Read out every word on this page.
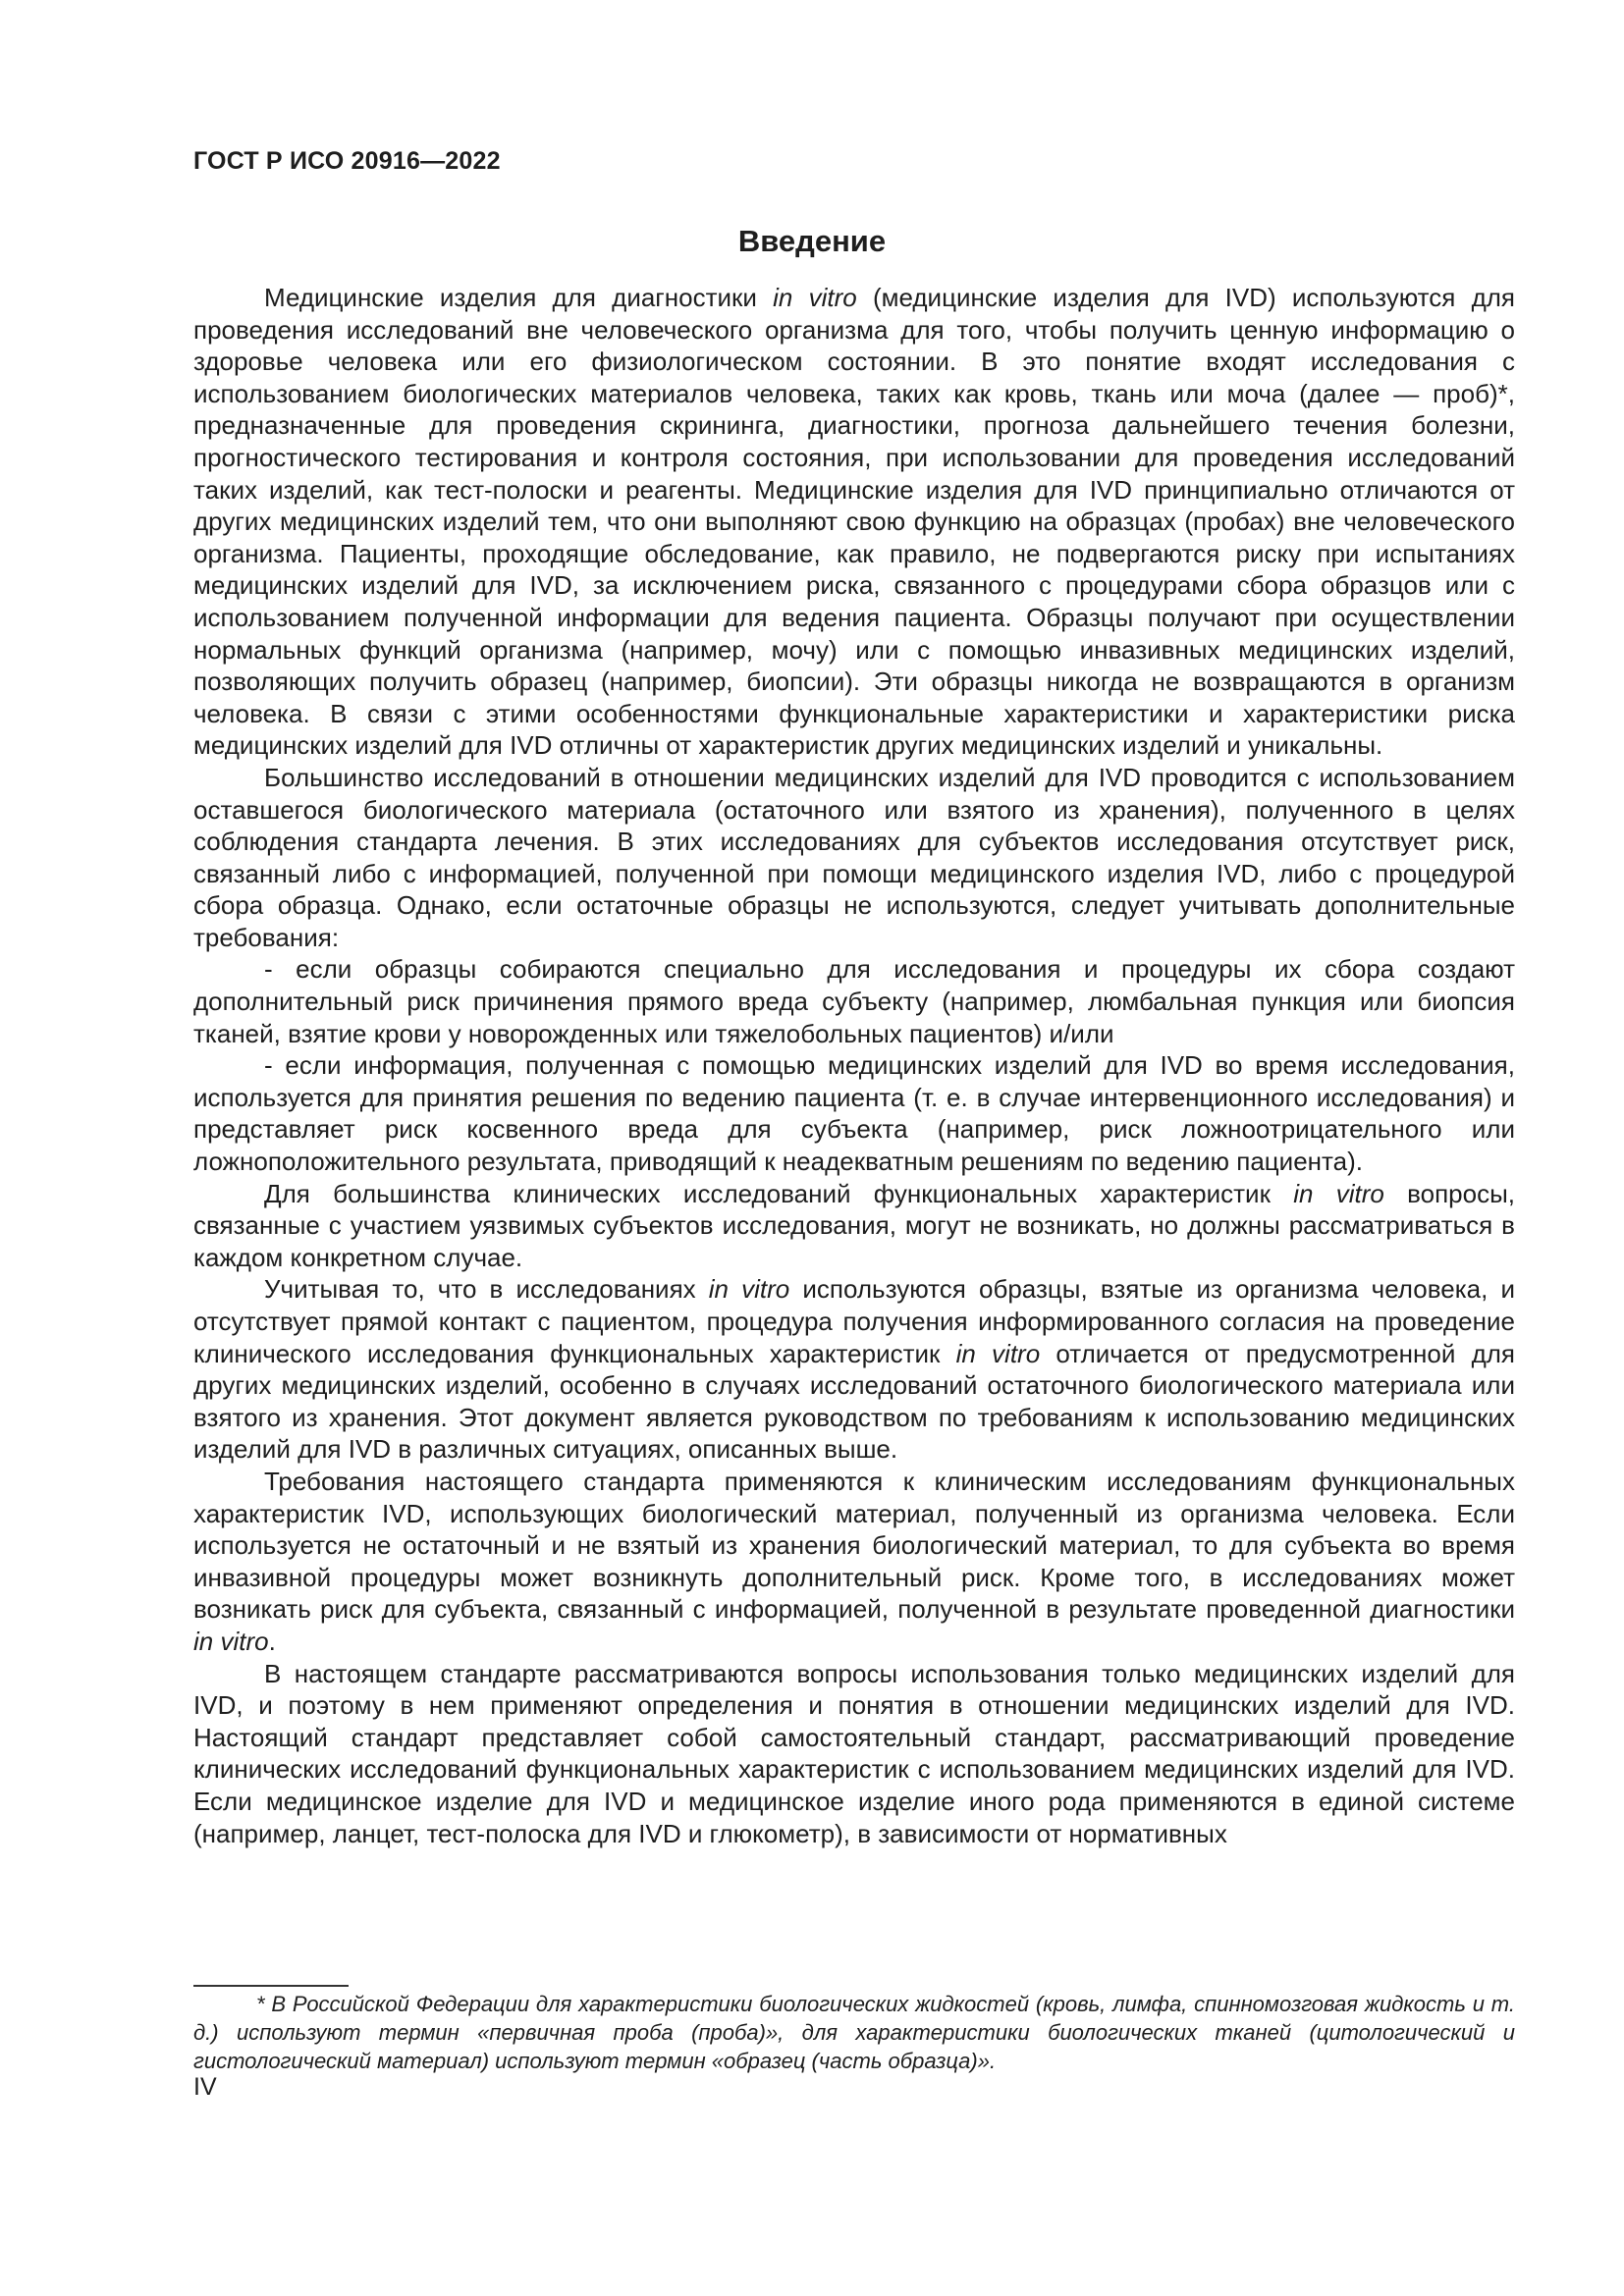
ГОСТ Р ИСО 20916—2022
Введение

Медицинские изделия для диагностики in vitro (медицинские изделия для IVD) используются для проведения исследований вне человеческого организма для того, чтобы получить ценную информацию о здоровье человека или его физиологическом состоянии. В это понятие входят исследования с использованием биологических материалов человека, таких как кровь, ткань или моча (далее — проб)*, предназначенные для проведения скрининга, диагностики, прогноза дальнейшего течения болезни, прогностического тестирования и контроля состояния, при использовании для проведения исследований таких изделий, как тест-полоски и реагенты. Медицинские изделия для IVD принципиально отличаются от других медицинских изделий тем, что они выполняют свою функцию на образцах (пробах) вне человеческого организма. Пациенты, проходящие обследование, как правило, не подвергаются риску при испытаниях медицинских изделий для IVD, за исключением риска, связанного с процедурами сбора образцов или с использованием полученной информации для ведения пациента. Образцы получают при осуществлении нормальных функций организма (например, мочу) или с помощью инвазивных медицинских изделий, позволяющих получить образец (например, биопсии). Эти образцы никогда не возвращаются в организм человека. В связи с этими особенностями функциональные характеристики и характеристики риска медицинских изделий для IVD отличны от характеристик других медицинских изделий и уникальны.

Большинство исследований в отношении медицинских изделий для IVD проводится с использованием оставшегося биологического материала (остаточного или взятого из хранения), полученного в целях соблюдения стандарта лечения. В этих исследованиях для субъектов исследования отсутствует риск, связанный либо с информацией, полученной при помощи медицинского изделия IVD, либо с процедурой сбора образца. Однако, если остаточные образцы не используются, следует учитывать дополнительные требования:

- если образцы собираются специально для исследования и процедуры их сбора создают дополнительный риск причинения прямого вреда субъекту (например, люмбальная пункция или биопсия тканей, взятие крови у новорожденных или тяжелобольных пациентов) и/или

- если информация, полученная с помощью медицинских изделий для IVD во время исследования, используется для принятия решения по ведению пациента (т. е. в случае интервенционного исследования) и представляет риск косвенного вреда для субъекта (например, риск ложноотрицательного или ложноположительного результата, приводящий к неадекватным решениям по ведению пациента).

Для большинства клинических исследований функциональных характеристик in vitro вопросы, связанные с участием уязвимых субъектов исследования, могут не возникать, но должны рассматриваться в каждом конкретном случае.

Учитывая то, что в исследованиях in vitro используются образцы, взятые из организма человека, и отсутствует прямой контакт с пациентом, процедура получения информированного согласия на проведение клинического исследования функциональных характеристик in vitro отличается от предусмотренной для других медицинских изделий, особенно в случаях исследований остаточного биологического материала или взятого из хранения. Этот документ является руководством по требованиям к использованию медицинских изделий для IVD в различных ситуациях, описанных выше.

Требования настоящего стандарта применяются к клиническим исследованиям функциональных характеристик IVD, использующих биологический материал, полученный из организма человека. Если используется не остаточный и не взятый из хранения биологический материал, то для субъекта во время инвазивной процедуры может возникнуть дополнительный риск. Кроме того, в исследованиях может возникать риск для субъекта, связанный с информацией, полученной в результате проведенной диагностики in vitro.

В настоящем стандарте рассматриваются вопросы использования только медицинских изделий для IVD, и поэтому в нем применяют определения и понятия в отношении медицинских изделий для IVD. Настоящий стандарт представляет собой самостоятельный стандарт, рассматривающий проведение клинических исследований функциональных характеристик с использованием медицинских изделий для IVD. Если медицинское изделие для IVD и медицинское изделие иного рода применяются в единой системе (например, ланцет, тест-полоска для IVD и глюкометр), в зависимости от нормативных

* В Российской Федерации для характеристики биологических жидкостей (кровь, лимфа, спинномозговая жидкость и т. д.) используют термин «первичная проба (проба)», для характеристики биологических тканей (цитологический и гистологический материал) используют термин «образец (часть образца)».

IV
